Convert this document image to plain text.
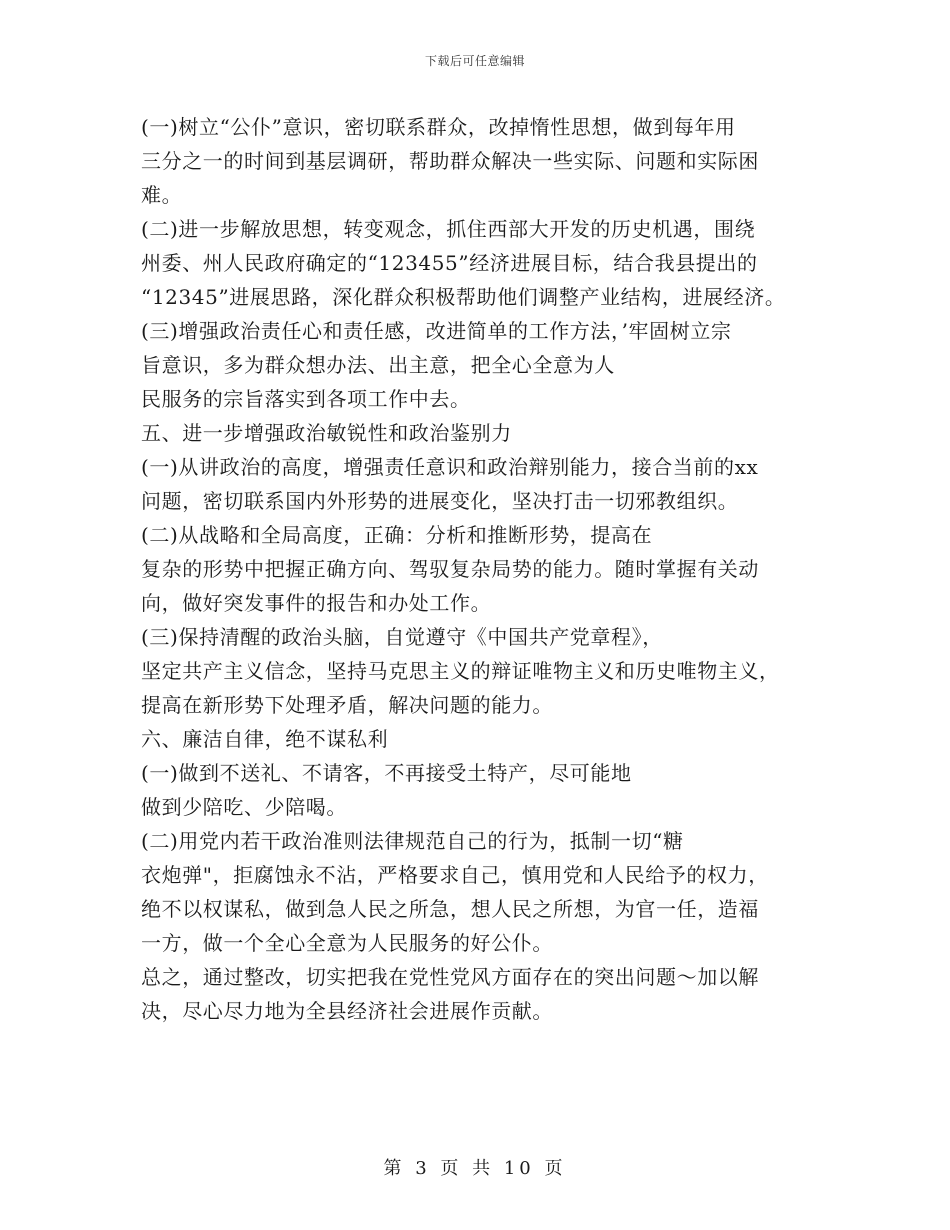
下载后可任意编辑
(一)树立“公仆”意识，密切联系群众，改掉惰性思想，做到每年用
三分之一的时间到基层调研，帮助群众解决一些实际、问题和实际困
难。
(二)进一步解放思想，转变观念，抓住西部大开发的历史机遇，围绕
州委、州人民政府确定的“123455”经济进展目标，结合我县提出的
“12345”进展思路，深化群众积极帮助他们调整产业结构，进展经济。
(三)增强政治责任心和责任感，改进简单的工作方法，’牢固树立宗
旨意识，多为群众想办法、出主意，把全心全意为人
民服务的宗旨落实到各项工作中去。
五、进一步增强政治敏锐性和政治鉴别力
(一)从讲政治的高度，增强责任意识和政治辩别能力，接合当前的xx
问题，密切联系国内外形势的进展变化，坚决打击一切邪教组织。
(二)从战略和全局高度，正确：分析和推断形势，提高在
复杂的形势中把握正确方向、驾驭复杂局势的能力。随时掌握有关动
向，做好突发事件的报告和办处工作。
(三)保持清醒的政治头脑，自觉遵守《中国共产党章程》，
坚定共产主义信念，坚持马克思主义的辩证唯物主义和历史唯物主义，
提高在新形势下处理矛盾，解决问题的能力。
六、廉洁自律，绝不谋私利
(一)做到不送礼、不请客，不再接受土特产，尽可能地
做到少陪吃、少陪喝。
(二)用党内若干政治准则法律规范自己的行为，抵制一切“糖
衣炮弹"，拒腐蚀永不沾，严格要求自己，慎用党和人民给予的权力，
绝不以权谋私，做到急人民之所急，想人民之所想，为官一任，造福
一方，做一个全心全意为人民服务的好公仆。
总之，通过整改，切实把我在党性党风方面存在的突出问题～加以解
决，尽心尽力地为全县经济社会进展作贡献。
第 3 页 共 10 页
